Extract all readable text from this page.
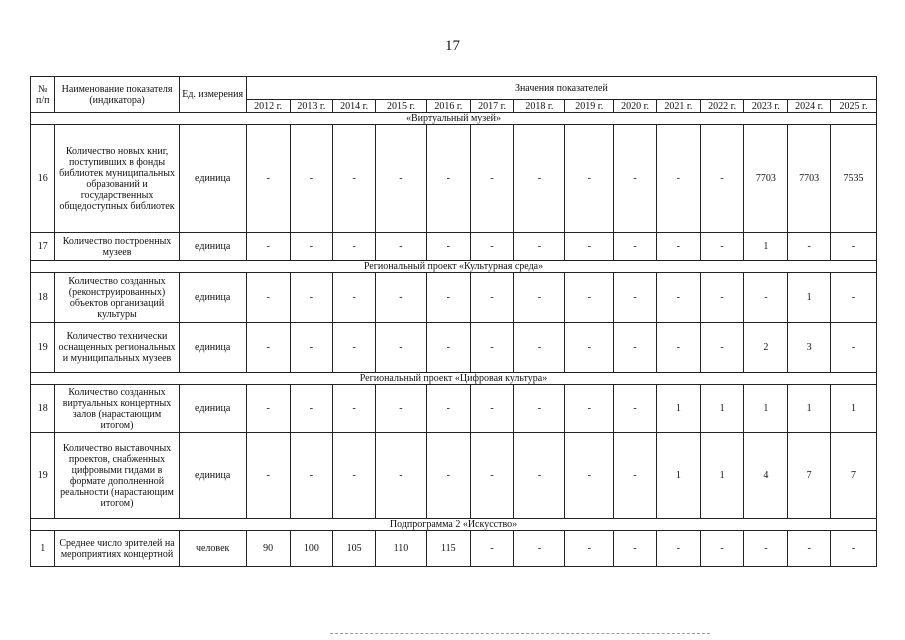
17
№ п/п	Наименование показателя (индикатора)	Ед. измерения	Значения показателей													
			2012 г.	2013 г.	2014 г.	2015 г.	2016 г.	2017 г.	2018 г.	2019 г.	2020 г.	2021 г.	2022 г.	2023 г.	2024 г.	2025 г.
«Виртуальный музей»																
16	Количество новых книг, поступивших в фонды библиотек муниципальных образований и государственных общедоступных библиотек	единица	-	-	-	-	-	-	-	-	-	-	-	7703	7703	7535
17	Количество построенных музеев	единица	-	-	-	-	-	-	-	-	-	-	-	1	-	-
Региональный проект «Культурная среда»																
18	Количество созданных (реконструированных) объектов организаций культуры	единица	-	-	-	-	-	-	-	-	-	-	-	-	1	-
19	Количество технически оснащенных региональных и муниципальных музеев	единица	-	-	-	-	-	-	-	-	-	-	-	2	3	-
Региональный проект «Цифровая культура»																
18	Количество созданных виртуальных концертных залов (нарастающим итогом)	единица	-	-	-	-	-	-	-	-	-	1	1	1	1	1
19	Количество выставочных проектов, снабженных цифровыми гидами в формате дополненной реальности (нарастающим итогом)	единица	-	-	-	-	-	-	-	-	-	1	1	4	7	7
Подпрограмма 2 «Искусство»																
1	Среднее число зрителей на мероприятиях концертной	человек	90	100	105	110	115	-	-	-	-	-	-	-	-	-
